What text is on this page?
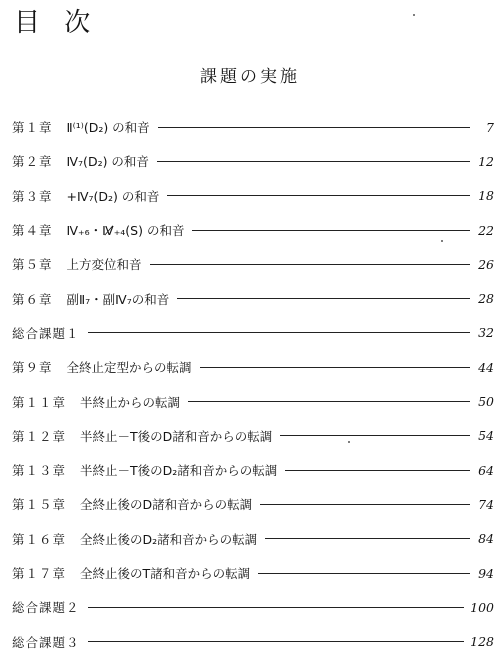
目 次
課題の実施
第１章 Ⅱ⁽¹⁾(D₂) の和音	7
第２章 Ⅳ₇(D₂) の和音	12
第３章 +Ⅳ₇(D₂) の和音	18
第４章 Ⅳ₊₆・Ⅳ̸₊₄(S) の和音	22
第５章 上方変位和音	26
第６章 副Ⅱ₇・副Ⅳ₇の和音	28
総合課題１	32
第９章 全終止定型からの転調	44
第１１章 半終止からの転調	50
第１２章 半終止－T後のD諸和音からの転調	54
第１３章 半終止－T後のD₂諸和音からの転調	64
第１５章 全終止後のD諸和音からの転調	74
第１６章 全終止後のD₂諸和音からの転調	84
第１７章 全終止後のT諸和音からの転調	94
総合課題２	100
総合課題３	128
